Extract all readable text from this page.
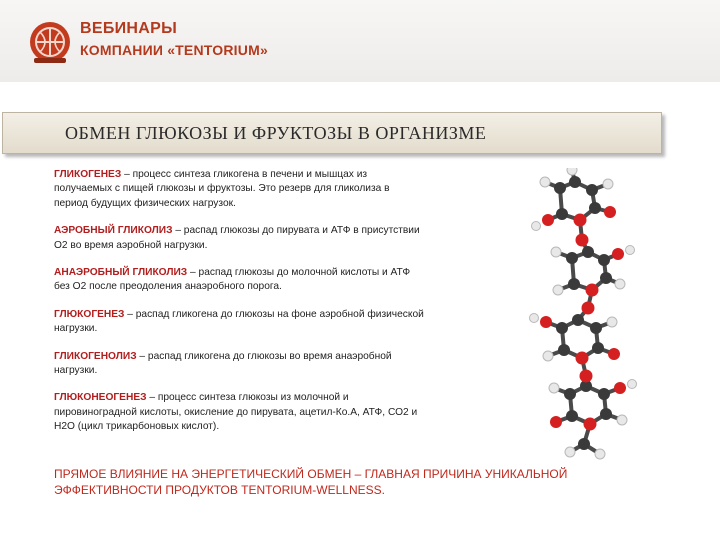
ВЕБИНАРЫ
КОМПАНИИ «TENTORIUM»
ОБМЕН ГЛЮКОЗЫ И ФРУКТОЗЫ В ОРГАНИЗМЕ

ГЛИКОГЕНЕЗ – процесс синтеза гликогена в печени и мышцах из получаемых с пищей глюкозы и фруктозы. Это резерв для гликолиза в период будущих физических нагрузок.

АЭРОБНЫЙ ГЛИКОЛИЗ – распад глюкозы до пирувата и АТФ в присутствии О2 во время аэробной нагрузки.

АНАЭРОБНЫЙ ГЛИКОЛИЗ – распад глюкозы до молочной кислоты и АТФ без О2 после преодоления анаэробного порога.

ГЛЮКОГЕНЕЗ – распад гликогена до глюкозы на фоне аэробной физической нагрузки.

ГЛИКОГЕНОЛИЗ – распад гликогена до глюкозы во время анаэробной нагрузки.

ГЛЮКОНЕОГЕНЕЗ – процесс синтеза глюкозы из молочной и пировиноградной кислоты, окисление до пирувата, ацетил-Ко.А, АТФ, СО2 и Н2О (цикл трикарбоновых кислот).

ПРЯМОЕ ВЛИЯНИЕ НА ЭНЕРГЕТИЧЕСКИЙ ОБМЕН – ГЛАВНАЯ ПРИЧИНА УНИКАЛЬНОЙ ЭФФЕКТИВНОСТИ ПРОДУКТОВ TENTORIUM-WELLNESS.
